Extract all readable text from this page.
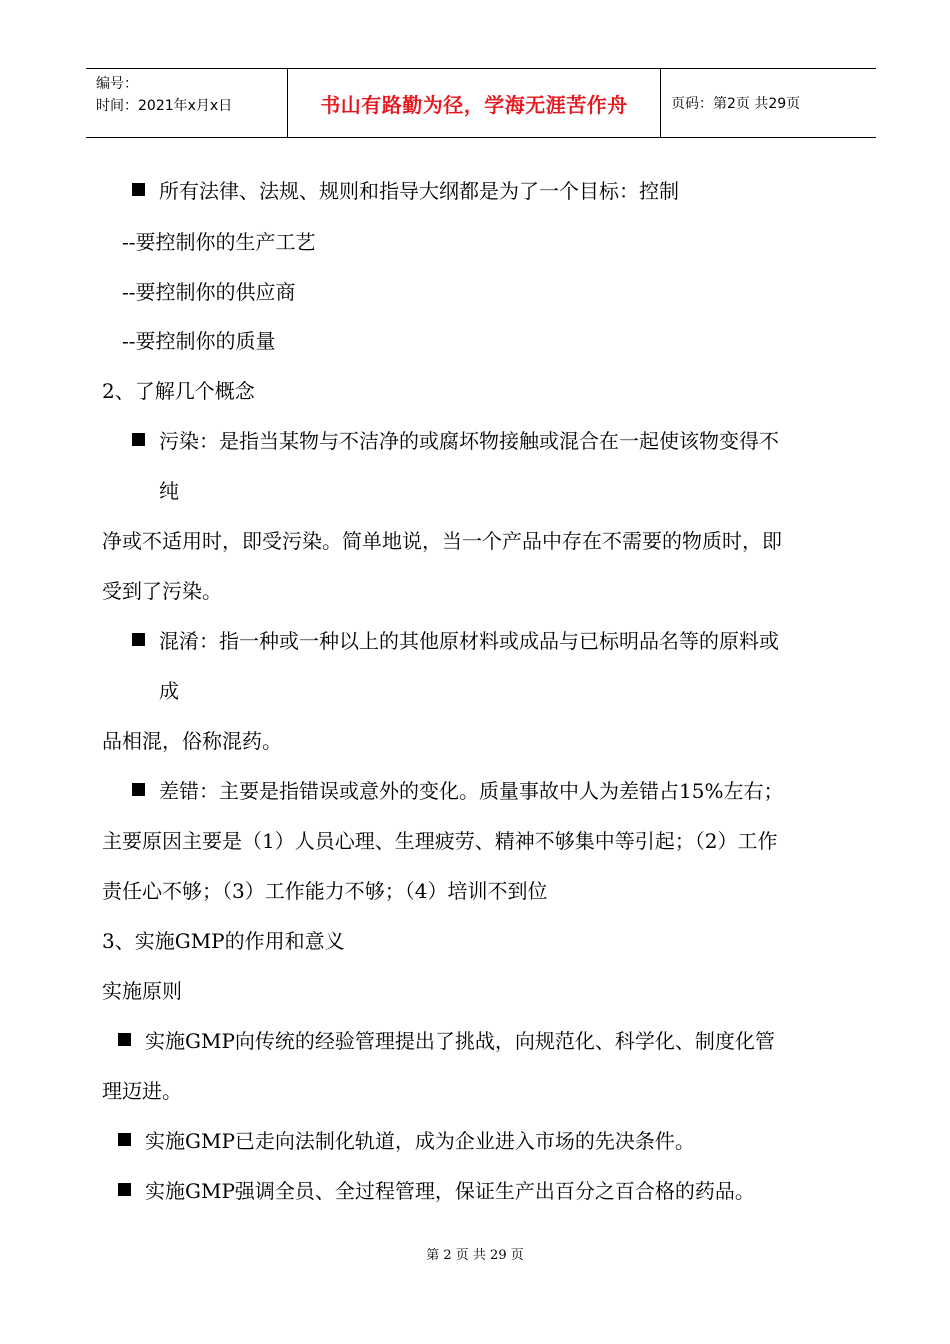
编号：
时间：2021年x月x日	书山有路勤为径，学海无涯苦作舟	页码：第2页 共29页
所有法律、法规、规则和指导大纲都是为了一个目标：控制
--要控制你的生产工艺
--要控制你的供应商
--要控制你的质量
2、了解几个概念
污染：是指当某物与不洁净的或腐坏物接触或混合在一起使该物变得不
纯
净或不适用时，即受污染。简单地说，当一个产品中存在不需要的物质时，即
受到了污染。
混淆：指一种或一种以上的其他原材料或成品与已标明品名等的原料或
成
品相混，俗称混药。
差错：主要是指错误或意外的变化。质量事故中人为差错占15%左右；
主要原因主要是（1）人员心理、生理疲劳、精神不够集中等引起；（2）工作
责任心不够；（3）工作能力不够；（4）培训不到位
3、实施GMP的作用和意义
实施原则
实施GMP向传统的经验管理提出了挑战，向规范化、科学化、制度化管
理迈进。
实施GMP已走向法制化轨道，成为企业进入市场的先决条件。
实施GMP强调全员、全过程管理，保证生产出百分之百合格的药品。
第 2 页 共 29 页
